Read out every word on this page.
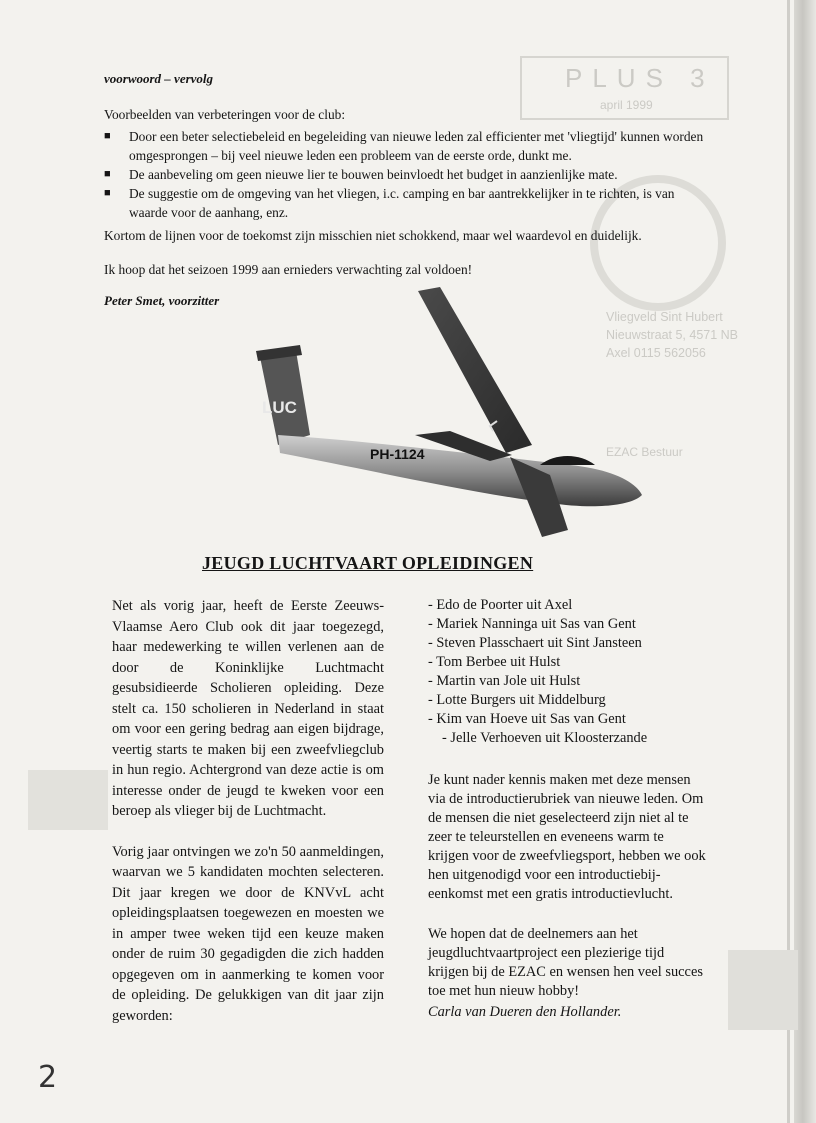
PLUS 3
april 1999
Vliegveld Sint Hubert
Nieuwstraat 5, 4571 NB
Axel 0115 562056
EZAC Bestuur
voorwoord – vervolg

Voorbeelden van verbeteringen voor de club:

■ Door een beter selectiebeleid en begeleiding van nieuwe leden zal efficienter met 'vliegtijd' kunnen worden omgesprongen – bij veel nieuwe leden een probleem van de eerste orde, dunkt me.
■ De aanbeveling om geen nieuwe lier te bouwen beinvloedt het budget in aanzienlijke mate.
■ De suggestie om de omgeving van het vliegen, i.c. camping en bar aantrekkelijker in te richten, is van waarde voor de aanhang, enz.

Kortom de lijnen voor de toekomst zijn misschien niet schokkend, maar wel waardevol en duidelijk.

Ik hoop dat het seizoen 1999 aan ernieders verwachting zal voldoen!

Peter Smet, voorzitter
LUC
L
PH-1124
JEUGD LUCHTVAART OPLEIDINGEN

Net als vorig jaar, heeft de Eerste Zeeuws-Vlaamse Aero Club ook dit jaar toegezegd, haar medewerking te willen verlenen aan de door de Koninklijke Luchtmacht gesubsidieerde Scholieren opleiding. Deze stelt ca. 150 scholieren in Nederland in staat om voor een gering bedrag aan eigen bijdrage, veertig starts te maken bij een zweefvliegclub in hun regio. Achtergrond van deze actie is om interesse onder de jeugd te kweken voor een beroep als vlieger bij de Luchtmacht.

Vorig jaar ontvingen we zo'n 50 aanmeldingen, waarvan we 5 kandidaten mochten selecteren. Dit jaar kregen we door de KNVvL acht opleidingsplaatsen toegewezen en moesten we in amper twee weken tijd een keuze maken onder de ruim 30 gegadigden die zich hadden opgegeven om in aanmerking te komen voor de opleiding. De gelukkigen van dit jaar zijn geworden:

- Edo de Poorter uit Axel
- Mariek Nanninga uit Sas van Gent
- Steven Plasschaert uit Sint Jansteen
- Tom Berbee uit Hulst
- Martin van Jole uit Hulst
- Lotte Burgers uit Middelburg
- Kim van Hoeve uit Sas van Gent
- Jelle Verhoeven uit Kloosterzande

Je kunt nader kennis maken met deze mensen via de introductierubriek van nieuwe leden. Om de mensen die niet geselecteerd zijn niet al te zeer te teleurstellen en eveneens warm te krijgen voor de zweefvliegsport, hebben we ook hen uitgenodigd voor een introductiebij-eenkomst met een gratis introductievlucht.

We hopen dat de deelnemers aan het jeugdluchtvaartproject een plezierige tijd krijgen bij de EZAC en wensen hen veel succes toe met hun nieuw hobby!

Carla van Dueren den Hollander.
2
